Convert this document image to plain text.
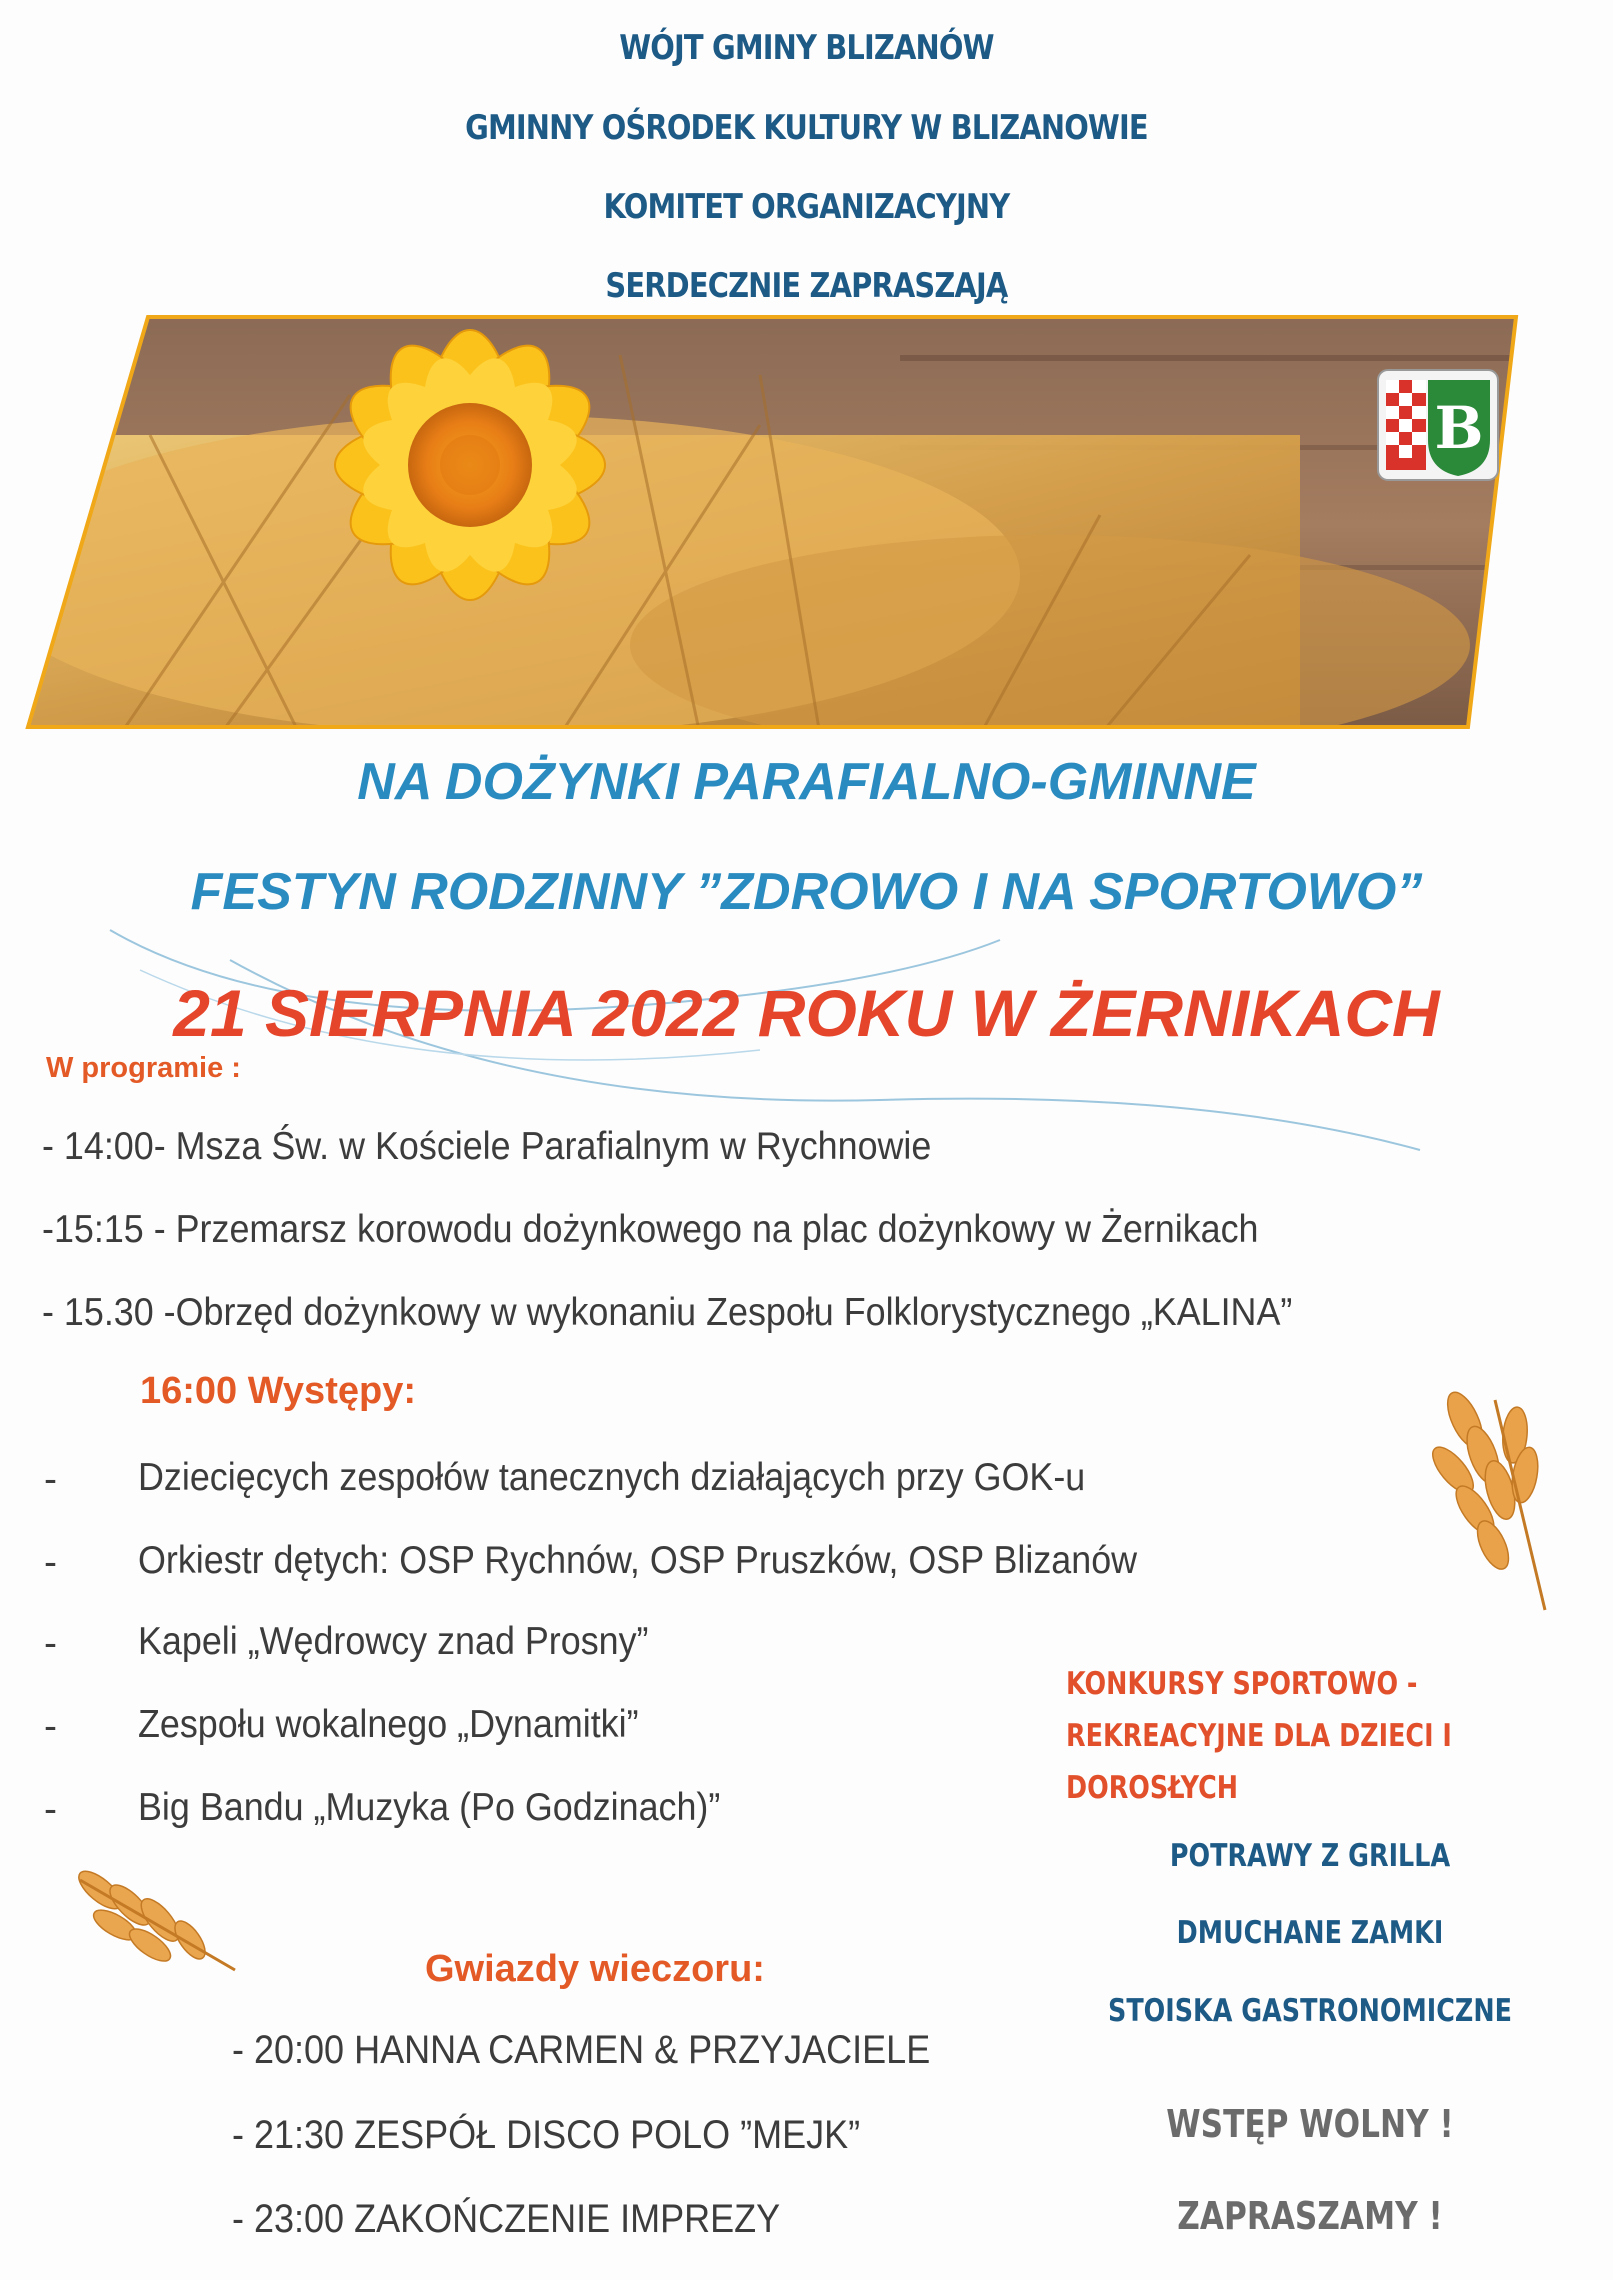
WÓJT GMINY BLIZANÓW
GMINNY OŚRODEK KULTURY W BLIZANOWIE
KOMITET ORGANIZACYJNY
SERDECZNIE ZAPRASZAJĄ
B
NA DOŻYNKI PARAFIALNO-GMINNE
FESTYN RODZINNY ”ZDROWO I NA SPORTOWO”
21 SIERPNIA 2022 ROKU W ŻERNIKACH
W programie :
- 14:00- Msza Św. w Kościele Parafialnym w Rychnowie
-15:15 - Przemarsz korowodu dożynkowego na plac dożynkowy w Żernikach
- 15.30 -Obrzęd dożynkowy w wykonaniu Zespołu Folklorystycznego „KALINA”
16:00 Występy:
- Dziecięcych zespołów tanecznych działających przy GOK-u
- Orkiestr dętych: OSP Rychnów, OSP Pruszków, OSP Blizanów
- Kapeli „Wędrowcy znad Prosny”
- Zespołu wokalnego „Dynamitki”
- Big Bandu „Muzyka (Po Godzinach)”
Gwiazdy wieczoru:
- 20:00 HANNA CARMEN & PRZYJACIELE
- 21:30 ZESPÓŁ DISCO POLO ”MEJK”
- 23:00 ZAKOŃCZENIE IMPREZY
KONKURSY SPORTOWO -
REKREACYJNE DLA DZIECI I
DOROSŁYCH
POTRAWY Z GRILLA
DMUCHANE ZAMKI
STOISKA GASTRONOMICZNE
WSTĘP WOLNY !
ZAPRASZAMY !
